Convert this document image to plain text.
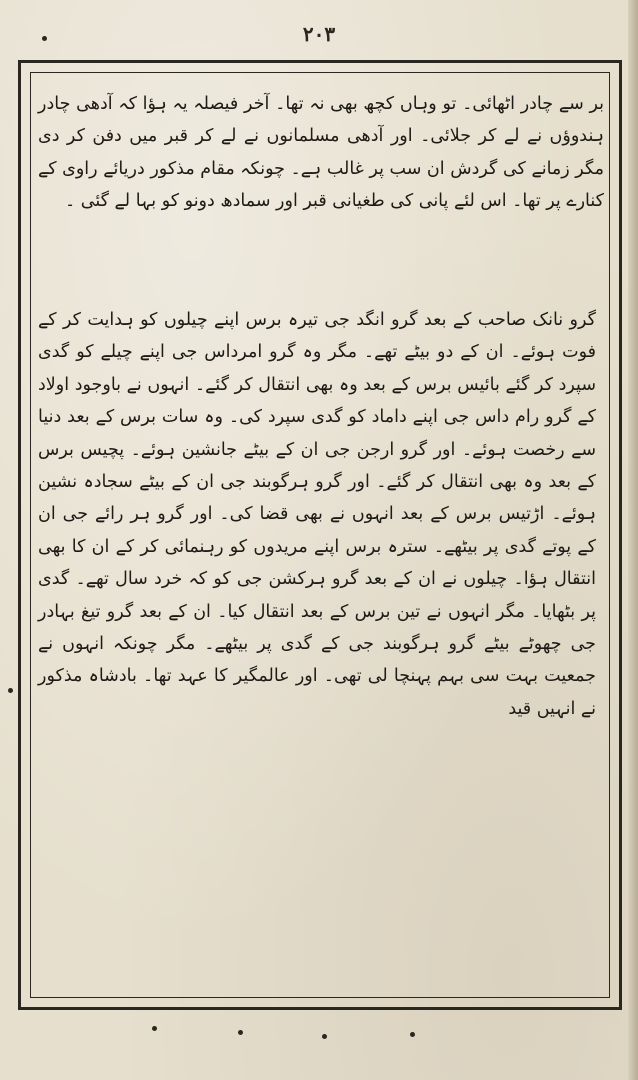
۲۰۳

بر سے چادر اٹھائی۔ تو وہاں کچھ بھی نہ تھا۔ آخر فیصلہ یہ ہؤا کہ آدھی چادر ہندوؤں نے لے کر جلائی۔ اور آدھی مسلمانوں نے لے کر قبر میں دفن کر دی مگر زمانے کی گردش ان سب پر غالب ہے۔ چونکہ مقام مذکور دریائے راوی کے کنارے پر تھا۔ اس لئے پانی کی طغیانی قبر اور سمادھ دونو کو بہا لے گئی ‌‌‌‌۔

گرو نانک صاحب کے بعد گرو انگد جی تیرہ برس اپنے چیلوں کو ہدایت کر کے فوت ہوئے۔ ان کے دو بیٹے تھے۔ مگر وہ گرو امرداس جی اپنے چیلے کو گدی سپرد کر گئے بائیس برس کے بعد وہ بھی انتقال کر گئے۔ انہوں نے باوجود اولاد کے گرو رام داس جی اپنے داماد کو گدی سپرد کی۔ وہ سات برس کے بعد دنیا سے رخصت ہوئے۔ اور گرو ارجن جی ان کے بیٹے جانشین ہوئے۔ پچیس برس کے بعد وہ بھی انتقال کر گئے۔ اور گرو ہرگوبند جی ان کے بیٹے سجادہ نشین ہوئے۔ اڑتیس برس کے بعد انہوں نے بھی قضا کی۔ اور گرو ہر رائے جی ان کے پوتے گدی پر بیٹھے۔ سترہ برس اپنے مریدوں کو رہنمائی کر کے ان کا بھی انتقال ہؤا۔ چیلوں نے ان کے بعد گرو ہرکشن جی کو کہ خرد سال تھے۔ گدی پر بٹھایا۔ مگر انہوں نے تین برس کے بعد انتقال کیا۔ ان کے بعد گرو تیغ بہادر جی چھوٹے بیٹے گرو ہرگوبند جی کے گدی پر بیٹھے۔ مگر چونکہ انہوں نے جمعیت بہت سی بہم پہنچا لی تھی۔ اور عالمگیر کا عہد تھا۔ بادشاہ مذکور نے انہیں قید
